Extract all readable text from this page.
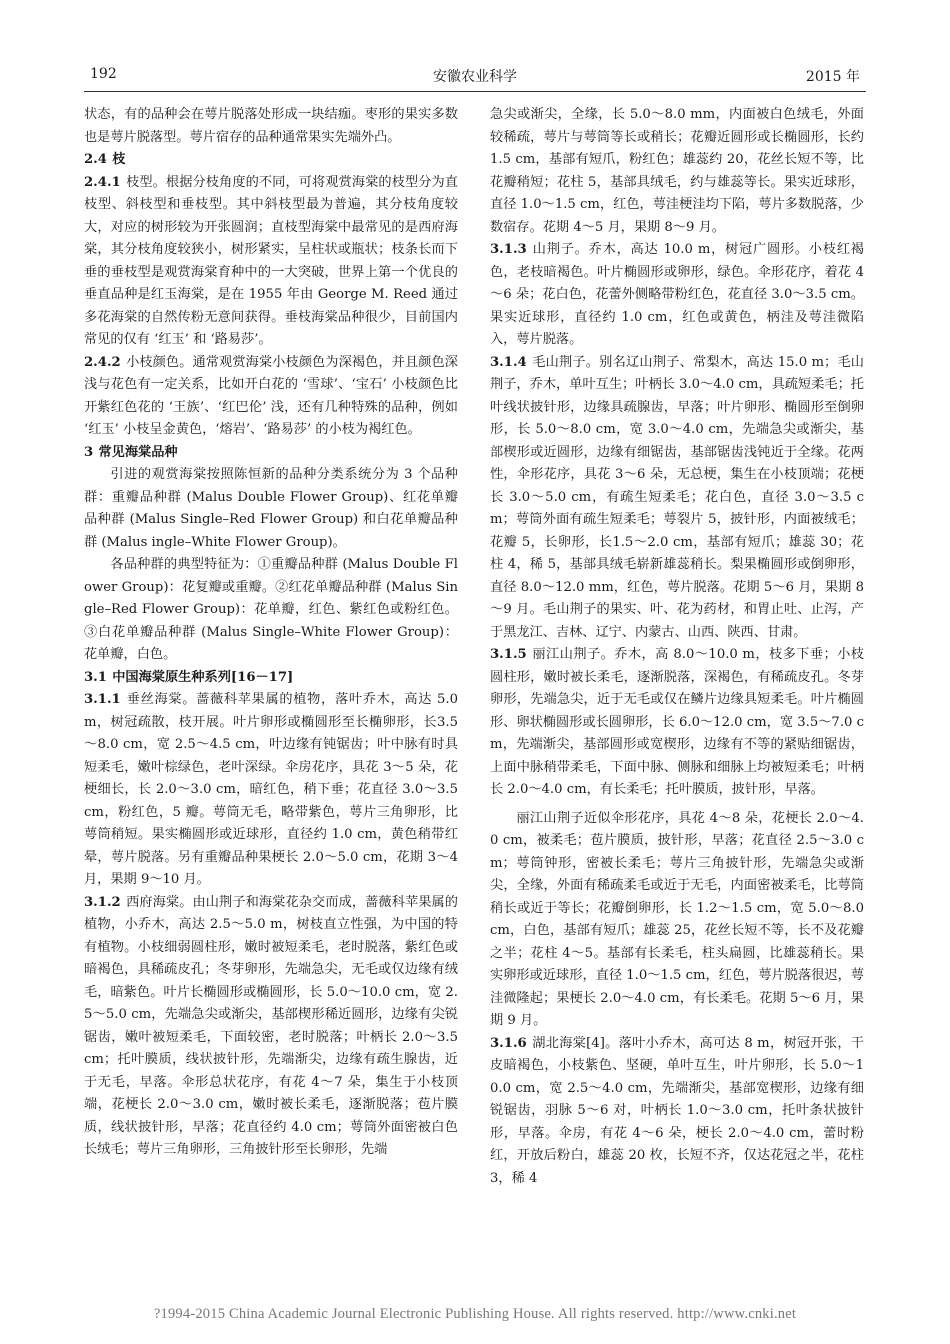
192	安徽农业科学	2015 年

状态，有的品种会在萼片脱落处形成一块结痂。枣形的果实多数也是萼片脱落型。萼片宿存的品种通常果实先端外凸。

2.4 枝

2.4.1 枝型。根据分枝角度的不同，可将观赏海棠的枝型分为直枝型、斜枝型和垂枝型。其中斜枝型最为普遍，其分枝角度较大，对应的树形较为开张圆润；直枝型海棠中最常见的是西府海棠，其分枝角度较狭小，树形紧实，呈柱状或瓶状；枝条长而下垂的垂枝型是观赏海棠育种中的一大突破，世界上第一个优良的垂直品种是红玉海棠，是在 1955 年由 George M. Reed 通过多花海棠的自然传粉无意间获得。垂枝海棠品种很少，目前国内常见的仅有 ‘红玉’ 和 ‘路易莎’。

2.4.2 小枝颜色。通常观赏海棠小枝颜色为深褐色，并且颜色深浅与花色有一定关系，比如开白花的 ‘雪球’、‘宝石’ 小枝颜色比开紫红色花的 ‘王族’、‘红巴伦’ 浅，还有几种特殊的品种，例如 ‘红玉’ 小枝呈金黄色，‘熔岩’、‘路易莎’ 的小枝为褐红色。

3 常见海棠品种

引进的观赏海棠按照陈恒新的品种分类系统分为 3 个品种群：重瓣品种群 (Malus Double Flower Group)、红花单瓣品种群 (Malus Single–Red Flower Group) 和白花单瓣品种群 (Malus ingle–White Flower Group)。

各品种群的典型特征为：①重瓣品种群 (Malus Double Flower Group)：花复瓣或重瓣。②红花单瓣品种群 (Malus Single–Red Flower Group)：花单瓣，红色、紫红色或粉红色。③白花单瓣品种群 (Malus Single–White Flower Group)：花单瓣，白色。

3.1 中国海棠原生种系列[16－17]

3.1.1 垂丝海棠。蔷薇科苹果属的植物，落叶乔木，高达 5.0 m，树冠疏散，枝开展。叶片卵形或椭圆形至长椭卵形，长3.5～8.0 cm，宽 2.5～4.5 cm，叶边缘有钝锯齿；叶中脉有时具短柔毛，嫩叶棕绿色，老叶深绿。伞房花序，具花 3～5 朵，花梗细长，长 2.0～3.0 cm，暗红色，稍下垂；花直径 3.0～3.5 cm，粉红色，5 瓣。萼筒无毛，略带紫色，萼片三角卵形，比萼筒稍短。果实椭圆形或近球形，直径约 1.0 cm，黄色稍带红晕，萼片脱落。另有重瓣品种果梗长 2.0～5.0 cm，花期 3～4 月，果期 9～10 月。

3.1.2 西府海棠。由山荆子和海棠花杂交而成，蔷薇科苹果属的植物，小乔木，高达 2.5～5.0 m，树枝直立性强，为中国的特有植物。小枝细弱圆柱形，嫩时被短柔毛，老时脱落，紫红色或暗褐色，具稀疏皮孔；冬芽卵形，先端急尖，无毛或仅边缘有绒毛，暗紫色。叶片长椭圆形或椭圆形，长 5.0～10.0 cm，宽 2.5～5.0 cm，先端急尖或渐尖，基部楔形稀近圆形，边缘有尖锐锯齿，嫩叶被短柔毛，下面较密，老时脱落；叶柄长 2.0～3.5 cm；托叶膜质，线状披针形，先端渐尖，边缘有疏生腺齿，近于无毛，早落。伞形总状花序，有花 4～7 朵，集生于小枝顶端，花梗长 2.0～3.0 cm，嫩时被长柔毛，逐渐脱落；苞片膜质，线状披针形，早落；花直径约 4.0 cm；萼筒外面密被白色长绒毛；萼片三角卵形，三角披针形至长卵形，先端

急尖或渐尖，全缘，长 5.0～8.0 mm，内面被白色绒毛，外面较稀疏，萼片与萼筒等长或稍长；花瓣近圆形或长椭圆形，长约 1.5 cm，基部有短爪，粉红色；雄蕊约 20，花丝长短不等，比花瓣稍短；花柱 5，基部具绒毛，约与雄蕊等长。果实近球形，直径 1.0～1.5 cm，红色，萼洼梗洼均下陷，萼片多数脱落，少数宿存。花期 4～5 月，果期 8～9 月。

3.1.3 山荆子。乔木，高达 10.0 m，树冠广圆形。小枝红褐色，老枝暗褐色。叶片椭圆形或卵形，绿色。伞形花序，着花 4～6 朵；花白色，花蕾外侧略带粉红色，花直径 3.0～3.5 cm。果实近球形，直径约 1.0 cm，红色或黄色，柄洼及萼洼微陷入，萼片脱落。

3.1.4 毛山荆子。别名辽山荆子、常梨木，高达 15.0 m；毛山荆子，乔木，单叶互生；叶柄长 3.0～4.0 cm，具疏短柔毛；托叶线状披针形，边缘具疏腺齿，早落；叶片卵形、椭圆形至倒卵形，长 5.0～8.0 cm，宽 3.0～4.0 cm，先端急尖或渐尖，基部楔形或近圆形，边缘有细锯齿，基部锯齿浅钝近于全缘。花两性，伞形花序，具花 3～6 朵，无总梗，集生在小枝顶端；花梗长 3.0～5.0 cm，有疏生短柔毛；花白色，直径 3.0～3.5 cm；萼筒外面有疏生短柔毛；萼裂片 5，披针形，内面被绒毛；花瓣 5，长卵形，长1.5～2.0 cm，基部有短爪；雄蕊 30；花柱 4，稀 5，基部具绒毛崭新雄蕊稍长。梨果椭圆形或倒卵形，直径 8.0～12.0 mm，红色，萼片脱落。花期 5～6 月，果期 8～9 月。毛山荆子的果实、叶、花为药材，和胃止吐、止泻，产于黑龙江、吉林、辽宁、内蒙古、山西、陕西、甘肃。

3.1.5 丽江山荆子。乔木，高 8.0～10.0 m，枝多下垂；小枝圆柱形，嫩时被长柔毛，逐渐脱落，深褐色，有稀疏皮孔。冬芽卵形，先端急尖，近于无毛或仅在鳞片边缘具短柔毛。叶片椭圆形、卵状椭圆形或长圆卵形，长 6.0～12.0 cm，宽 3.5～7.0 cm，先端渐尖，基部圆形或宽楔形，边缘有不等的紧贴细锯齿，上面中脉稍带柔毛，下面中脉、侧脉和细脉上均被短柔毛；叶柄长 2.0～4.0 cm，有长柔毛；托叶膜质，披针形，早落。

丽江山荆子近似伞形花序，具花 4～8 朵，花梗长 2.0～4.0 cm，被柔毛；苞片膜质，披针形，早落；花直径 2.5～3.0 cm；萼筒钟形，密被长柔毛；萼片三角披针形，先端急尖或渐尖，全缘，外面有稀疏柔毛或近于无毛，内面密被柔毛，比萼筒稍长或近于等长；花瓣倒卵形，长 1.2～1.5 cm，宽 5.0～8.0 cm，白色，基部有短爪；雄蕊 25，花丝长短不等，长不及花瓣之半；花柱 4～5。基部有长柔毛，柱头扁圆，比雄蕊稍长。果实卵形或近球形，直径 1.0～1.5 cm，红色，萼片脱落很迟，萼洼微隆起；果梗长 2.0～4.0 cm，有长柔毛。花期 5～6 月，果期 9 月。

3.1.6 湖北海棠[4]。落叶小乔木，高可达 8 m，树冠开张，干皮暗褐色，小枝紫色、坚硬，单叶互生，叶片卵形，长 5.0～10.0 cm，宽 2.5～4.0 cm，先端渐尖，基部宽楔形，边缘有细锐锯齿，羽脉 5～6 对，叶柄长 1.0～3.0 cm，托叶条状披针形，早落。伞房，有花 4～6 朵，梗长 2.0～4.0 cm，蕾时粉红，开放后粉白，雄蕊 20 枚，长短不齐，仅达花冠之半，花柱 3，稀 4

?1994-2015 China Academic Journal Electronic Publishing House. All rights reserved. http://www.cnki.net
